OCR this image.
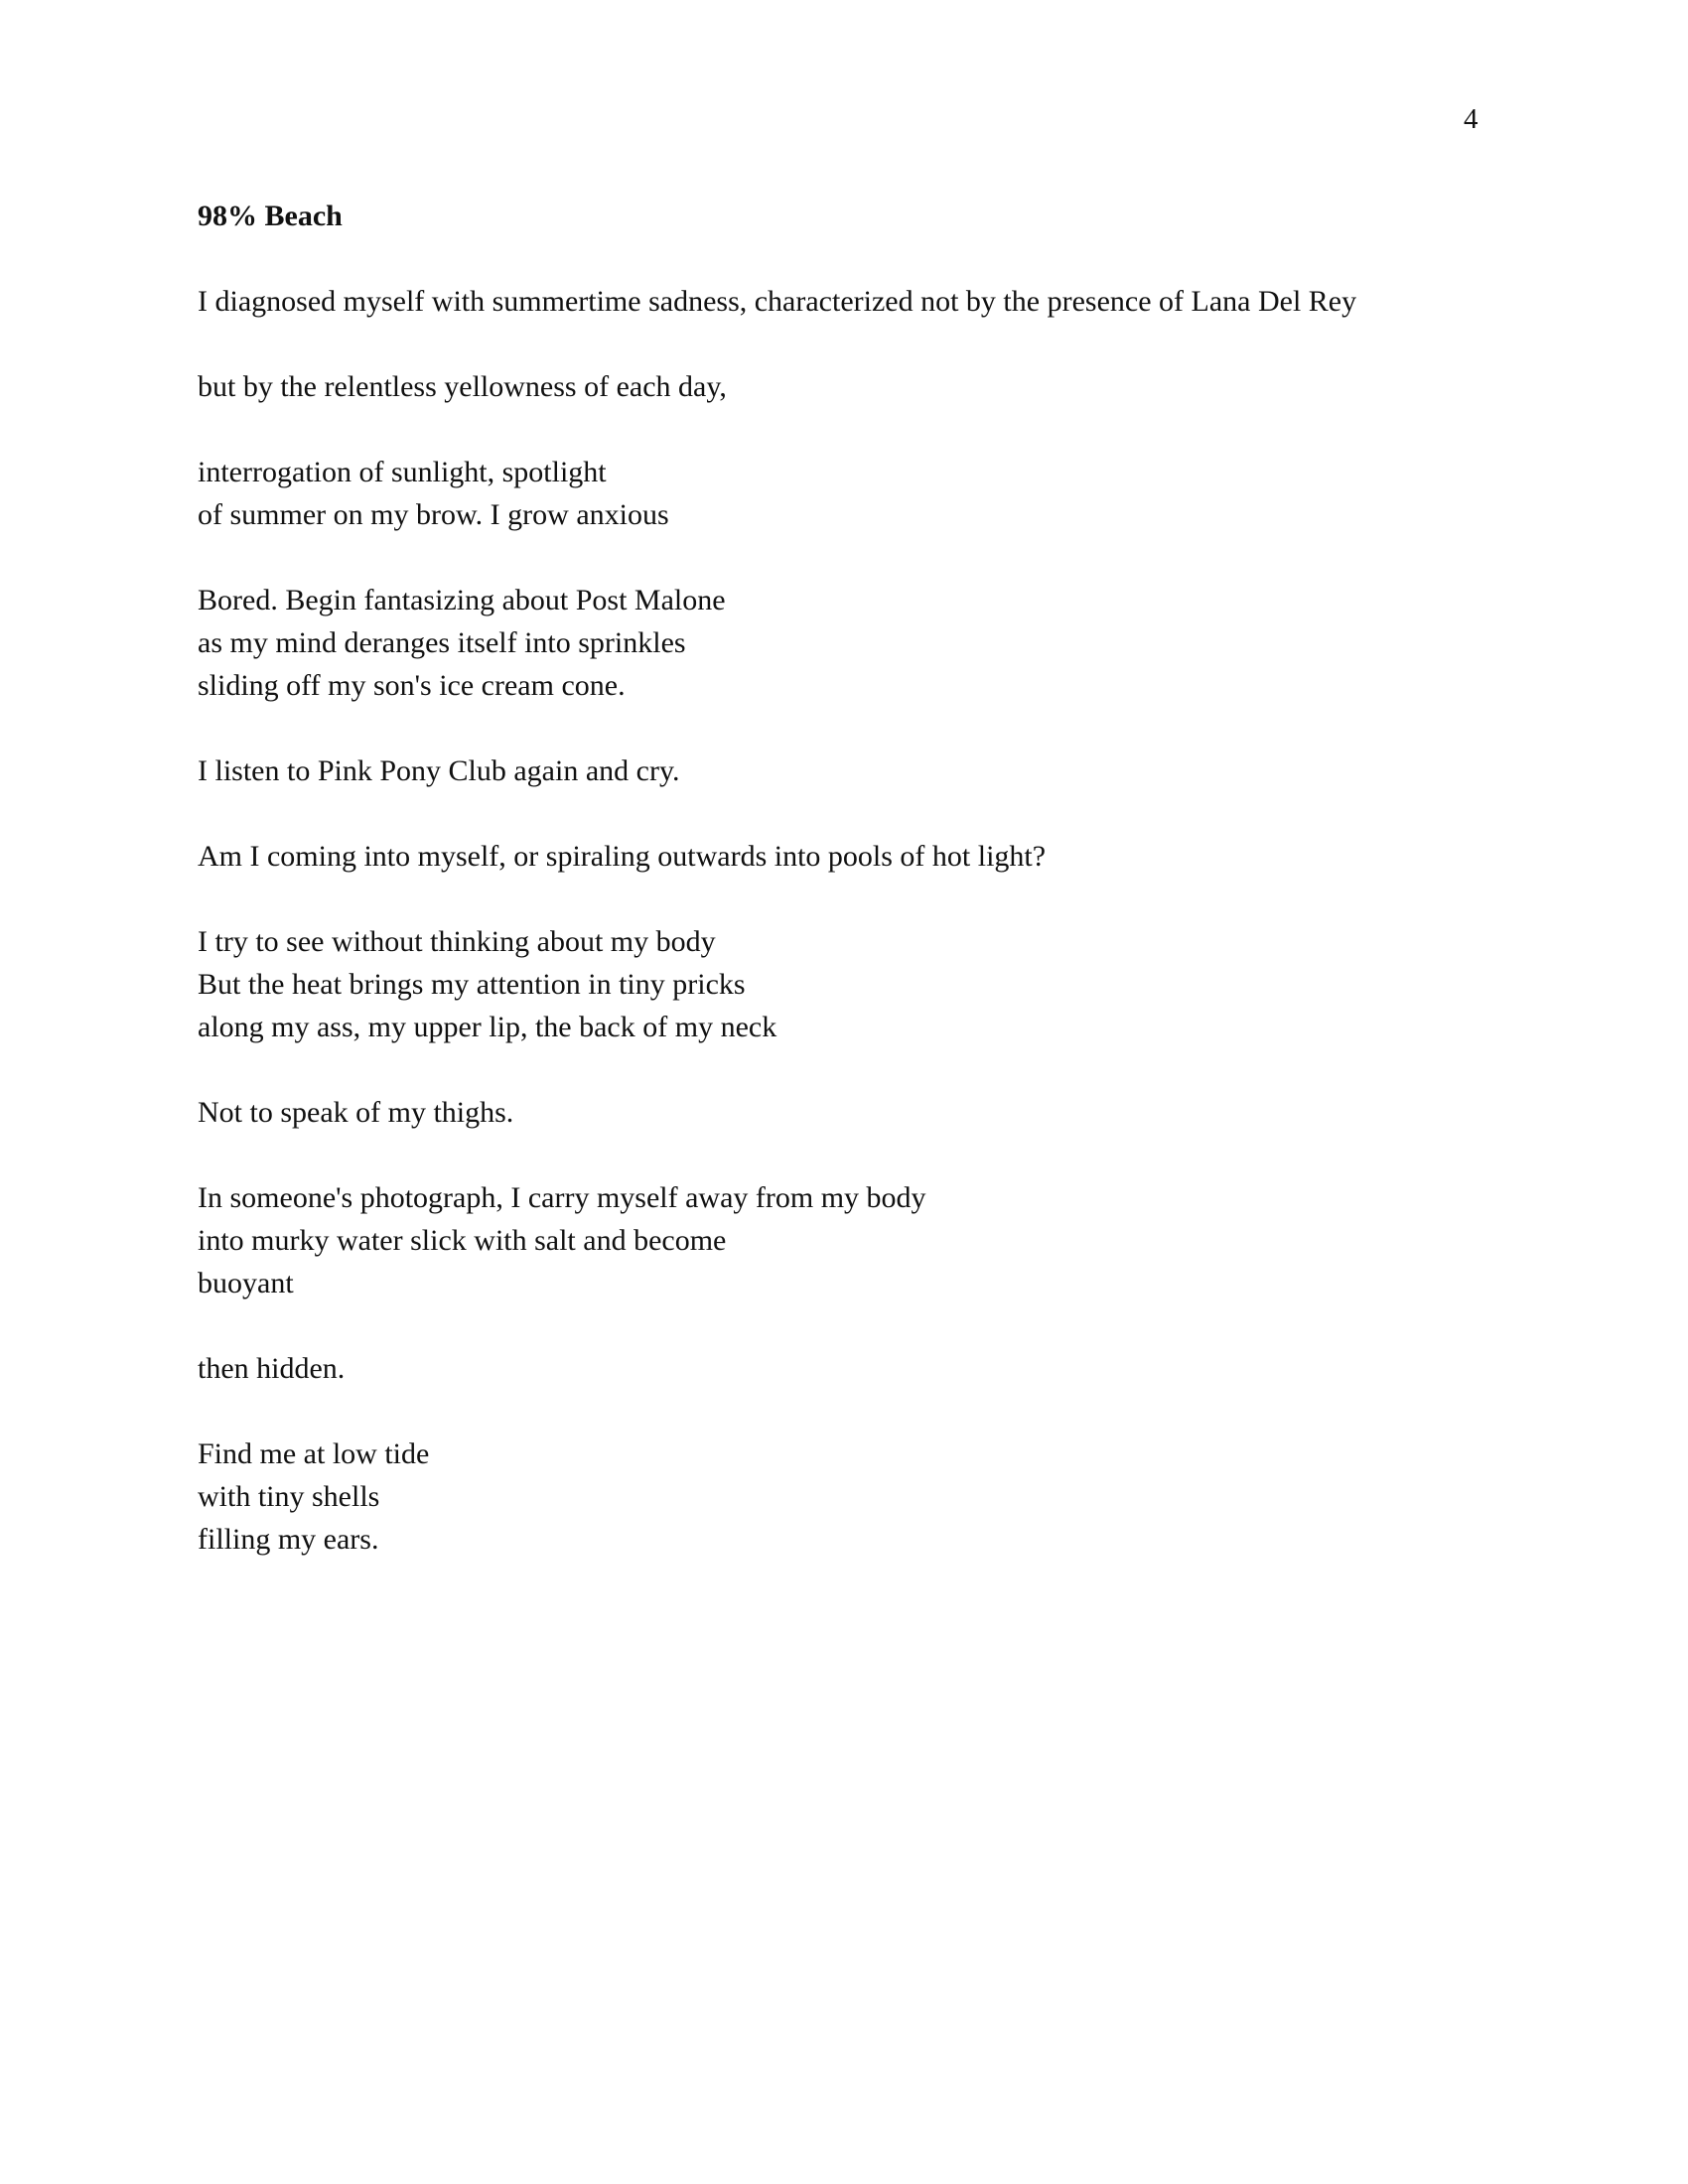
4
98% Beach
I diagnosed myself with summertime sadness, characterized not by the presence of Lana Del Rey
but by the relentless yellowness of each day,
interrogation of sunlight, spotlight
of summer on my brow. I grow anxious
Bored. Begin fantasizing about Post Malone
as my mind deranges itself into sprinkles
sliding off my son's ice cream cone.
I listen to Pink Pony Club again and cry.
Am I coming into myself, or spiraling outwards into pools of hot light?
I try to see without thinking about my body
But the heat brings my attention in tiny pricks
along my ass, my upper lip, the back of my neck
Not to speak of my thighs.
In someone's photograph, I carry myself away from my body
into murky water slick with salt and become
buoyant
then hidden.
Find me at low tide
with tiny shells
filling my ears.
